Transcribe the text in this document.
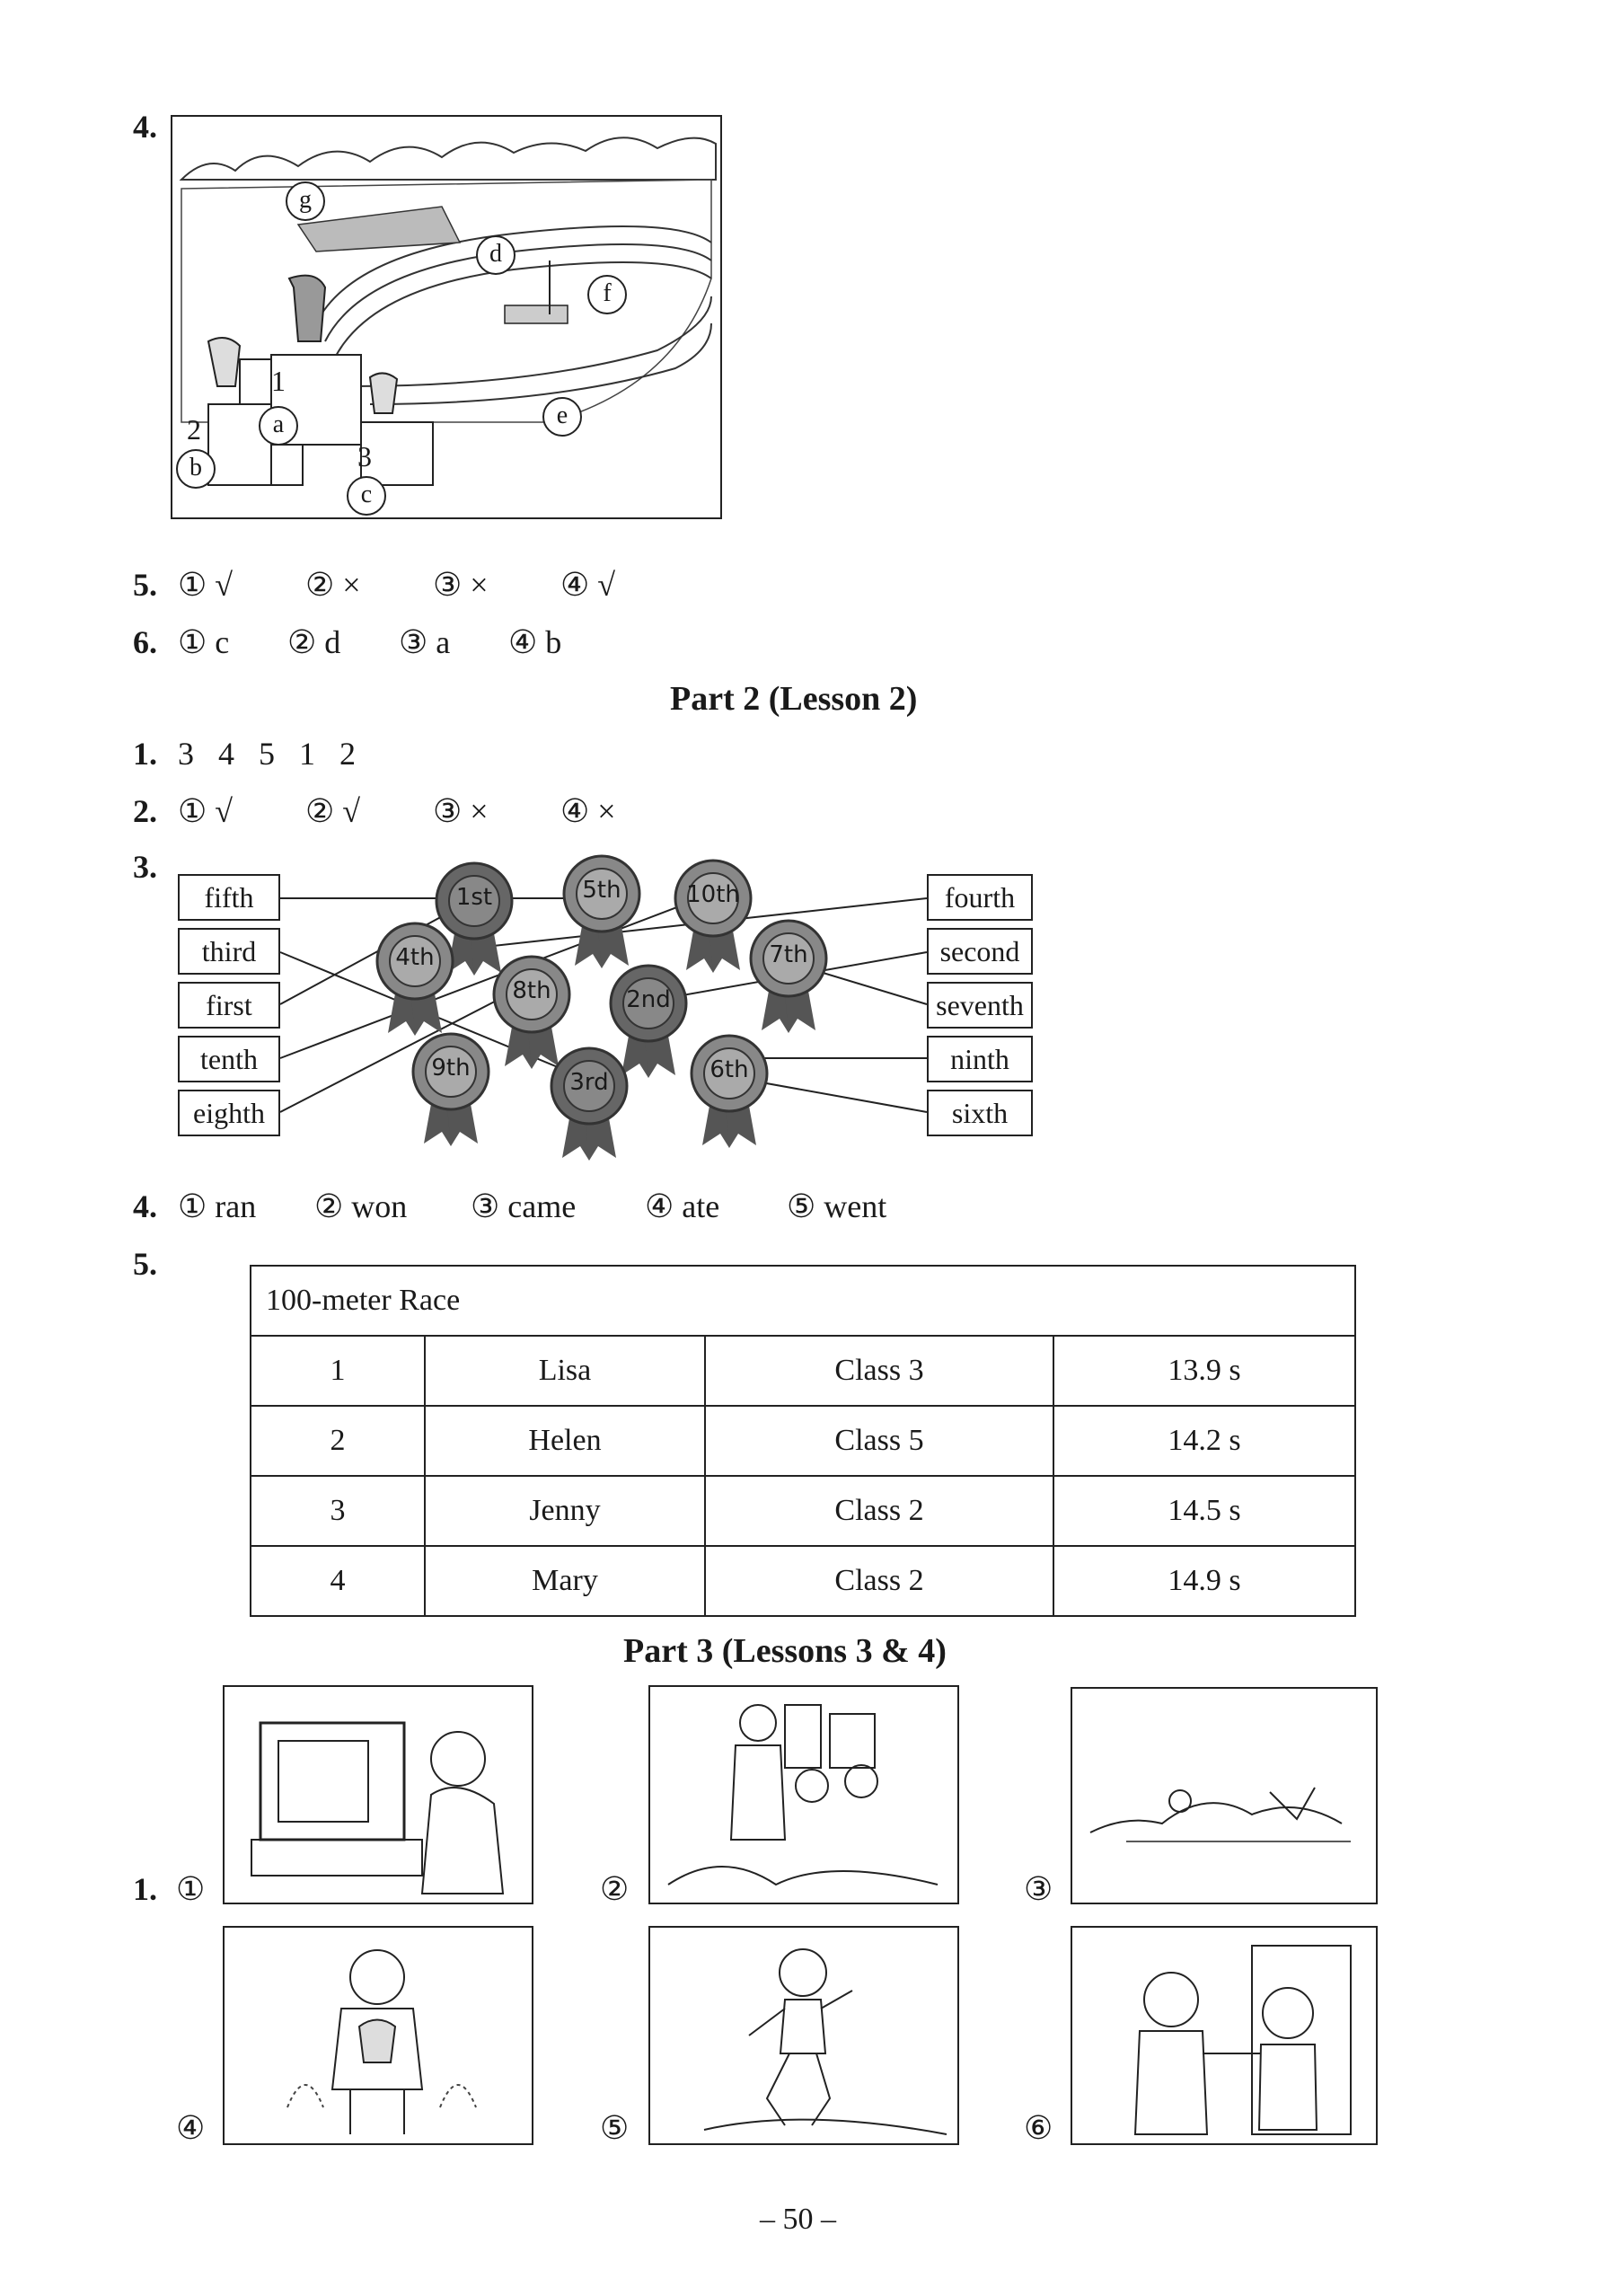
4.
g
d
f
a	e
b
c
1
2
3
5. ① √ ② × ③ × ④ √
6. ① c ② d ③ a ④ b
Part 2 (Lesson 2)
1. 3   4   5   1   2
2. ① √ ② √ ③ × ④ ×
3.
fifth
third
first
tenth
eighth
fourth
second
seventh
ninth
sixth
1st	5th	10th
4th	7th
8th	2nd
9th
3rd	6th
4. ① ran ② won ③ came ④ ate ⑤ went
5.
100-meter Race			
1	Lisa	Class 3	13.9 s
2	Helen	Class 5	14.2 s
3	Jenny	Class 2	14.5 s
4	Mary	Class 2	14.9 s
Part 3 (Lessons 3 & 4)
1. ①	②	③
④	⑤	⑥
– 50 –
